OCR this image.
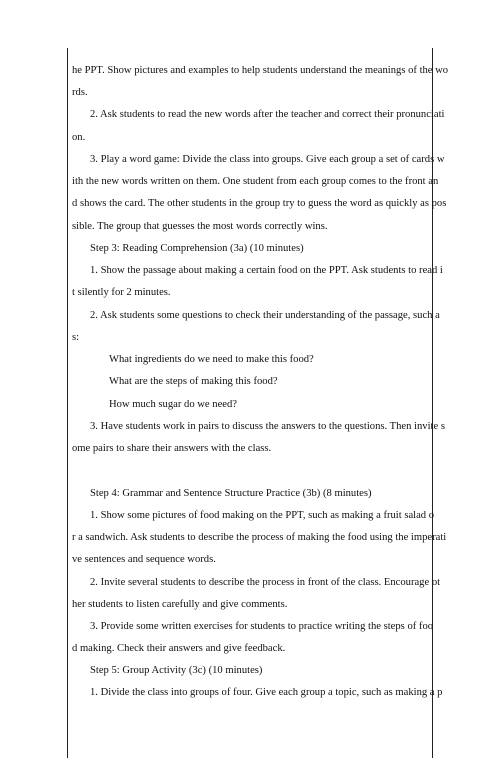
he PPT. Show pictures and examples to help students understand the meanings of the wo
rds.
2. Ask students to read the new words after the teacher and correct their pronunciati
on.
3. Play a word game: Divide the class into groups. Give each group a set of cards w
ith the new words written on them. One student from each group comes to the front an
d shows the card. The other students in the group try to guess the word as quickly as pos
sible. The group that guesses the most words correctly wins.
Step 3: Reading Comprehension (3a) (10 minutes)
1. Show the passage about making a certain food on the PPT. Ask students to read i
t silently for 2 minutes.
2. Ask students some questions to check their understanding of the passage, such a
s:
What ingredients do we need to make this food?
What are the steps of making this food?
How much sugar do we need?
3. Have students work in pairs to discuss the answers to the questions. Then invite s
ome pairs to share their answers with the class.
Step 4: Grammar and Sentence Structure Practice (3b) (8 minutes)
1. Show some pictures of food making on the PPT, such as making a fruit salad o
r a sandwich. Ask students to describe the process of making the food using the imperati
ve sentences and sequence words.
2. Invite several students to describe the process in front of the class. Encourage ot
her students to listen carefully and give comments.
3. Provide some written exercises for students to practice writing the steps of foo
d making. Check their answers and give feedback.
Step 5: Group Activity (3c) (10 minutes)
1. Divide the class into groups of four. Give each group a topic, such as making a p
